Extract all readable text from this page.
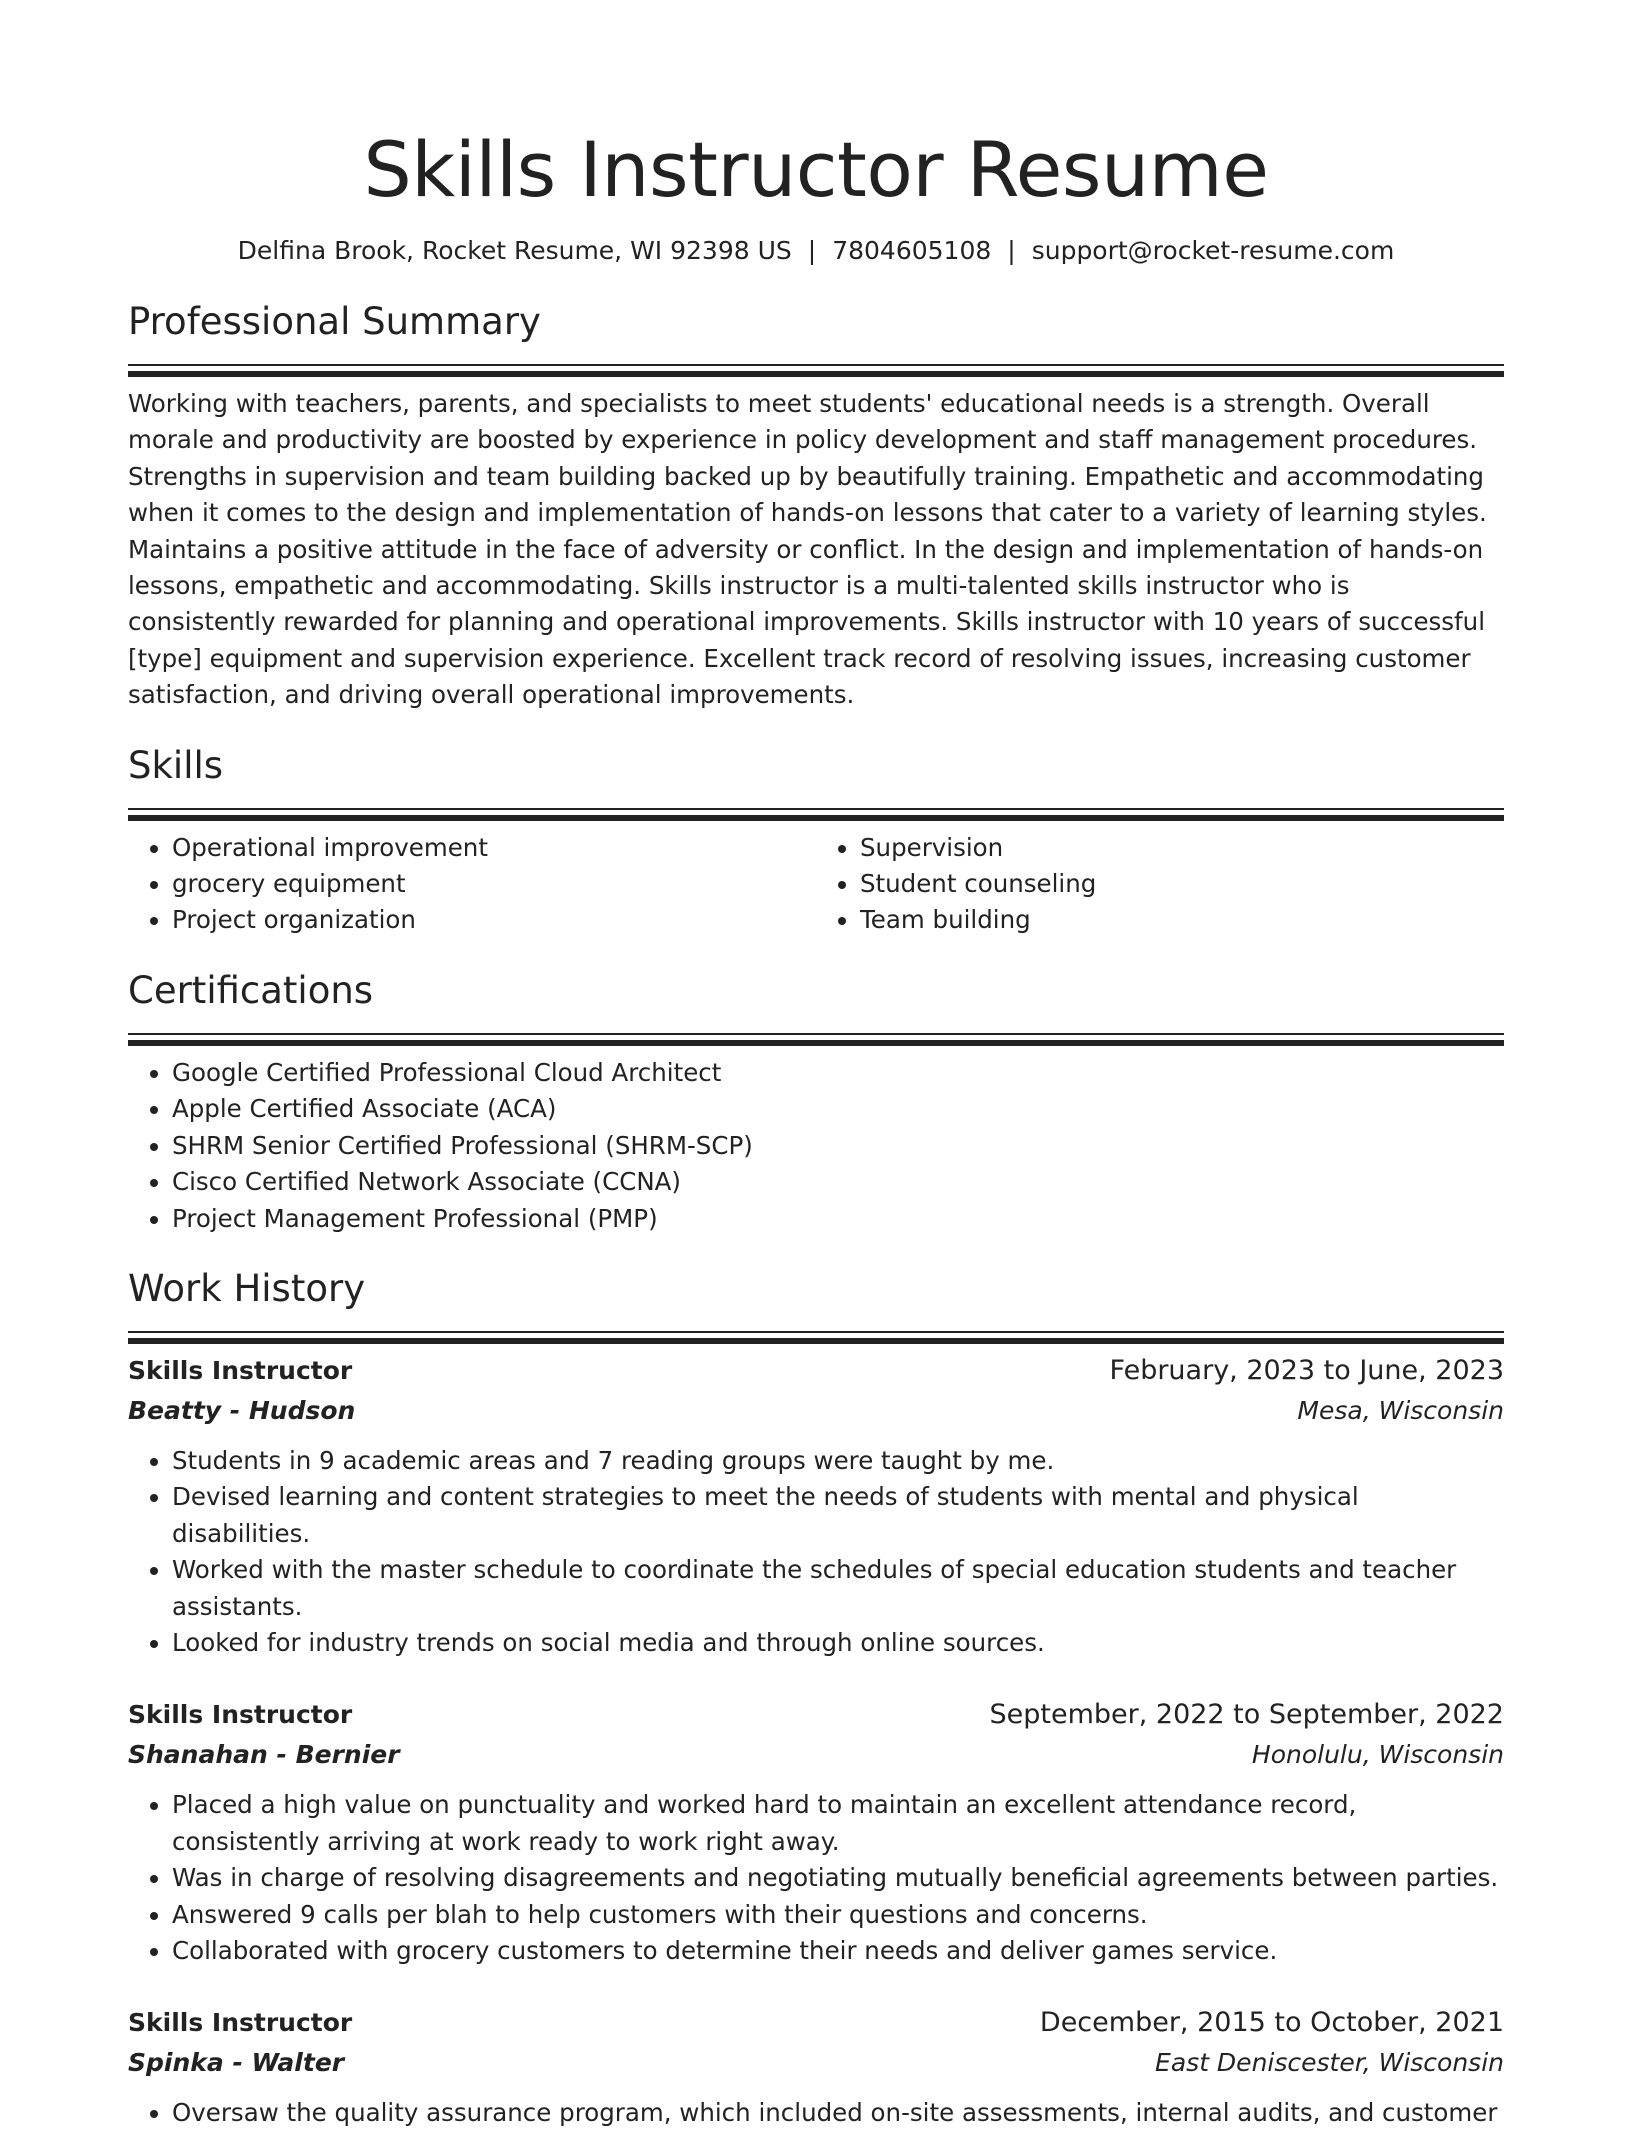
Skills Instructor Resume
Delfina Brook, Rocket Resume, WI 92398 US | 7804605108 | support@rocket-resume.com
Professional Summary

Working with teachers, parents, and specialists to meet students' educational needs is a strength. Overall morale and productivity are boosted by experience in policy development and staff management procedures. Strengths in supervision and team building backed up by beautifully training. Empathetic and accommodating when it comes to the design and implementation of hands-on lessons that cater to a variety of learning styles. Maintains a positive attitude in the face of adversity or conflict. In the design and implementation of hands-on lessons, empathetic and accommodating. Skills instructor is a multi-talented skills instructor who is consistently rewarded for planning and operational improvements. Skills instructor with 10 years of successful [type] equipment and supervision experience. Excellent track record of resolving issues, increasing customer satisfaction, and driving overall operational improvements.

Skills
• Operational improvement
• grocery equipment
• Project organization
• Supervision
• Student counseling
• Team building
Certifications
• Google Certified Professional Cloud Architect
• Apple Certified Associate (ACA)
• SHRM Senior Certified Professional (SHRM-SCP)
• Cisco Certified Network Associate (CCNA)
• Project Management Professional (PMP)
Work History
Skills Instructor	February, 2023 to June, 2023
Beatty - Hudson	Mesa, Wisconsin
• Students in 9 academic areas and 7 reading groups were taught by me.
• Devised learning and content strategies to meet the needs of students with mental and physical disabilities.
• Worked with the master schedule to coordinate the schedules of special education students and teacher assistants.
• Looked for industry trends on social media and through online sources.
Skills Instructor	September, 2022 to September, 2022
Shanahan - Bernier	Honolulu, Wisconsin
• Placed a high value on punctuality and worked hard to maintain an excellent attendance record, consistently arriving at work ready to work right away.
• Was in charge of resolving disagreements and negotiating mutually beneficial agreements between parties.
• Answered 9 calls per blah to help customers with their questions and concerns.
• Collaborated with grocery customers to determine their needs and deliver games service.
Skills Instructor	December, 2015 to October, 2021
Spinka - Walter	East Deniscester, Wisconsin
• Oversaw the quality assurance program, which included on-site assessments, internal audits, and customer
